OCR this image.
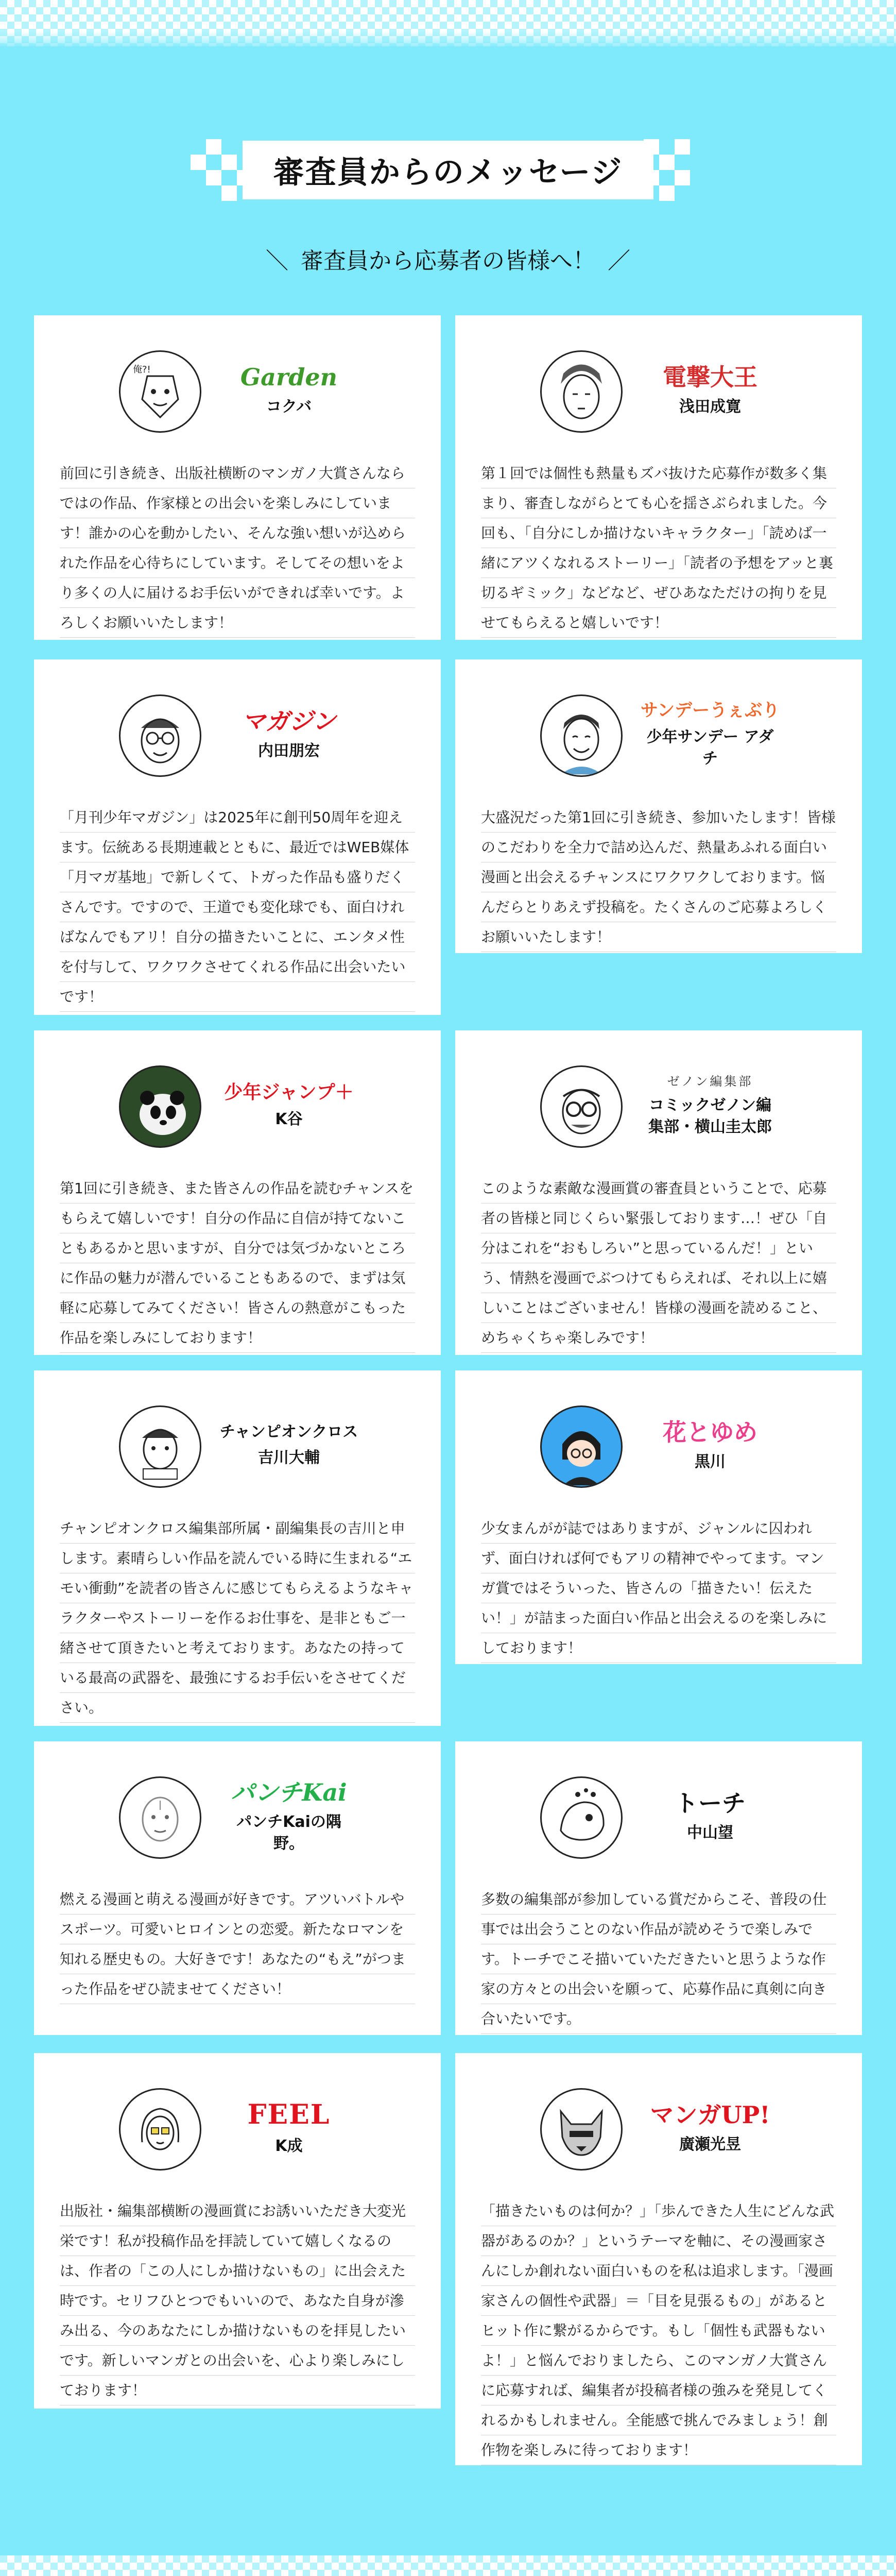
審査員からのメッセージ
＼ 審査員から応募者の皆様へ！ ／
俺?!	Garden
コクバ
前回に引き続き、出版社横断のマンガノ大賞さんならではの作品、作家様との出会いを楽しみにしています！誰かの心を動かしたい、そんな強い想いが込められた作品を心待ちにしています。そしてその想いをより多くの人に届けるお手伝いができれば幸いです。よろしくお願いいたします！
電撃大王
浅田成寛
第１回では個性も熱量もズバ抜けた応募作が数多く集まり、審査しながらとても心を揺さぶられました。今回も、「自分にしか描けないキャラクター」「読めば一緒にアツくなれるストーリー」「読者の予想をアッと裏切るギミック」などなど、ぜひあなただけの拘りを見せてもらえると嬉しいです！
マガジン
内田朋宏
「月刊少年マガジン」は2025年に創刊50周年を迎えます。伝統ある長期連載とともに、最近ではWEB媒体「月マガ基地」で新しくて、トガった作品も盛りだくさんです。ですので、王道でも変化球でも、面白ければなんでもアリ！自分の描きたいことに、エンタメ性を付与して、ワクワクさせてくれる作品に出会いたいです！
サンデーうぇぶり
少年サンデー アダチ
大盛況だった第1回に引き続き、参加いたします！皆様のこだわりを全力で詰め込んだ、熱量あふれる面白い漫画と出会えるチャンスにワクワクしております。悩んだらとりあえず投稿を。たくさんのご応募よろしくお願いいたします！
少年ジャンプ＋
K谷
第1回に引き続き、また皆さんの作品を読むチャンスをもらえて嬉しいです！自分の作品に自信が持てないこともあるかと思いますが、自分では気づかないところに作品の魅力が潜んでいることもあるので、まずは気軽に応募してみてください！皆さんの熱意がこもった作品を楽しみにしております！
ゼノン編集部
コミックゼノン編集部・横山圭太郎
このような素敵な漫画賞の審査員ということで、応募者の皆様と同じくらい緊張しております…！ぜひ「自分はこれを“おもしろい”と思っているんだ！」という、情熱を漫画でぶつけてもらえれば、それ以上に嬉しいことはございません！皆様の漫画を読めること、めちゃくちゃ楽しみです！
チャンピオンクロス
吉川大輔
チャンピオンクロス編集部所属・副編集長の吉川と申します。素晴らしい作品を読んでいる時に生まれる“エモい衝動”を読者の皆さんに感じてもらえるようなキャラクターやストーリーを作るお仕事を、是非ともご一緒させて頂きたいと考えております。あなたの持っている最高の武器を、最強にするお手伝いをさせてください。
花とゆめ
黒川
少女まんがが誌ではありますが、ジャンルに囚われず、面白ければ何でもアリの精神でやってます。マンガ賞ではそういった、皆さんの「描きたい！伝えたい！」が詰まった面白い作品と出会えるのを楽しみにしております！
パンチKai
パンチKaiの隅野。
燃える漫画と萌える漫画が好きです。アツいバトルやスポーツ。可愛いヒロインとの恋愛。新たなロマンを知れる歴史もの。大好きです！あなたの“もえ”がつまった作品をぜひ読ませてください！
トーチ
中山望
多数の編集部が参加している賞だからこそ、普段の仕事では出会うことのない作品が読めそうで楽しみです。トーチでこそ描いていただきたいと思うような作家の方々との出会いを願って、応募作品に真剣に向き合いたいです。
FEEL
K成
出版社・編集部横断の漫画賞にお誘いいただき大変光栄です！私が投稿作品を拝読していて嬉しくなるのは、作者の「この人にしか描けないもの」に出会えた時です。セリフひとつでもいいので、あなた自身が滲み出る、今のあなたにしか描けないものを拝見したいです。新しいマンガとの出会いを、心より楽しみにしております！
マンガUP!
廣瀬光昱
「描きたいものは何か？」「歩んできた人生にどんな武器があるのか？」というテーマを軸に、その漫画家さんにしか創れない面白いものを私は追求します。「漫画家さんの個性や武器」＝「目を見張るもの」があるとヒット作に繋がるからです。もし「個性も武器もないよ！」と悩んでおりましたら、このマンガノ大賞さんに応募すれば、編集者が投稿者様の強みを発見してくれるかもしれません。全能感で挑んでみましょう！創作物を楽しみに待っております！
